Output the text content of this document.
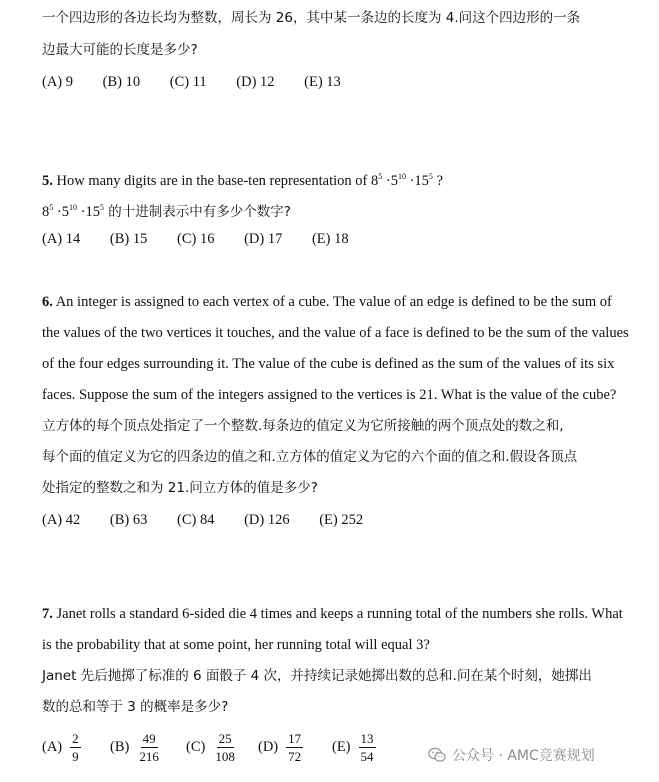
一个四边形的各边长均为整数，周长为 26，其中某一条边的长度为 4.问这个四边形的一条
边最大可能的长度是多少?
(A) 9 (B) 10 (C) 11 (D) 12 (E) 13
5. How many digits are in the base-ten representation of $8^5 \cdot 5^{10} \cdot 15^5$ ?
$8^5 \cdot 5^{10} \cdot 15^5$ 的十进制表示中有多少个数字?
(A) 14 (B) 15 (C) 16 (D) 17 (E) 18
6. An integer is assigned to each vertex of a cube. The value of an edge is defined to be the sum of
the values of the two vertices it touches, and the value of a face is defined to be the sum of the values
of the four edges surrounding it. The value of the cube is defined as the sum of the values of its six
faces. Suppose the sum of the integers assigned to the vertices is 21. What is the value of the cube?
立方体的每个顶点处指定了一个整数.每条边的值定义为它所接触的两个顶点处的数之和,
每个面的值定义为它的四条边的值之和.立方体的值定义为它的六个面的值之和.假设各顶点
处指定的整数之和为 21.问立方体的值是多少?
(A) 42 (B) 63 (C) 84 (D) 126 (E) 252
7. Janet rolls a standard 6-sided die 4 times and keeps a running total of the numbers she rolls. What
is the probability that at some point, her running total will equal 3?
Janet 先后抛掷了标准的 6 面骰子 4 次，并持续记录她掷出数的总和.问在某个时刻，她掷出
数的总和等于 3 的概率是多少?
$(A) \frac{2}{9} (B) \frac{49}{216} (C) \frac{25}{108} (D) \frac{17}{72} (E) \frac{13}{54}$	公众号 · AMC竞赛规划
